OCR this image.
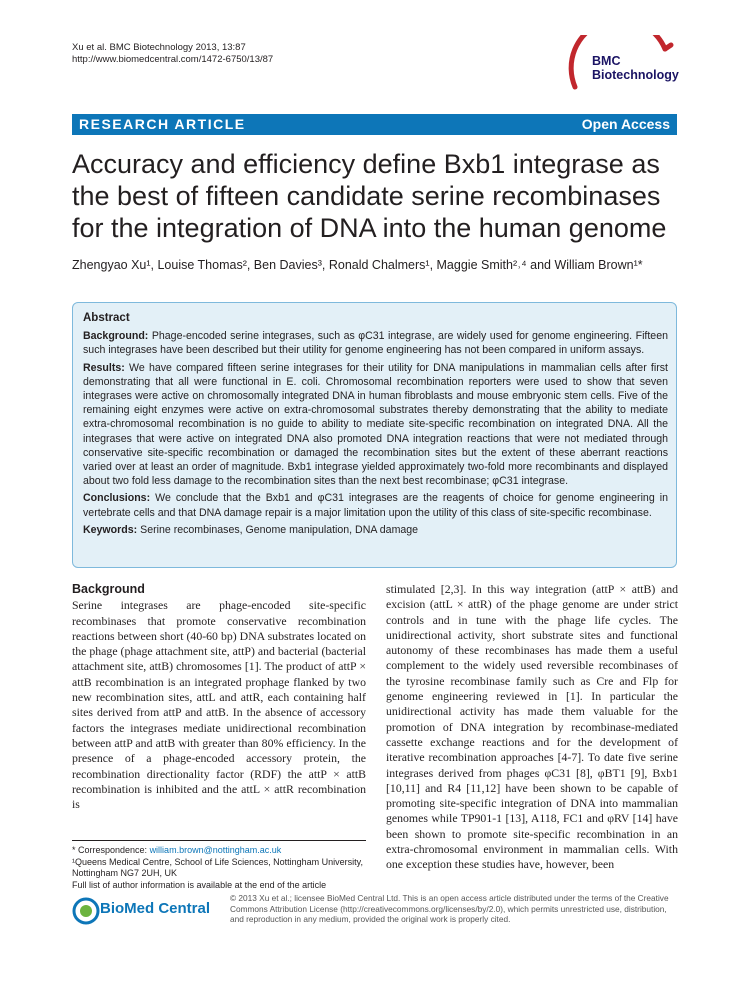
Xu et al. BMC Biotechnology 2013, 13:87
http://www.biomedcentral.com/1472-6750/13/87	BMC
Biotechnology
RESEARCH ARTICLE	Open Access
Accuracy and efficiency define Bxb1 integrase as the best of fifteen candidate serine recombinases for the integration of DNA into the human genome
Zhengyao Xu¹, Louise Thomas², Ben Davies³, Ronald Chalmers¹, Maggie Smith²˒⁴ and William Brown¹*
Abstract

Background: Phage-encoded serine integrases, such as φC31 integrase, are widely used for genome engineering. Fifteen such integrases have been described but their utility for genome engineering has not been compared in uniform assays.

Results: We have compared fifteen serine integrases for their utility for DNA manipulations in mammalian cells after first demonstrating that all were functional in E. coli. Chromosomal recombination reporters were used to show that seven integrases were active on chromosomally integrated DNA in human fibroblasts and mouse embryonic stem cells. Five of the remaining eight enzymes were active on extra-chromosomal substrates thereby demonstrating that the ability to mediate extra-chromosomal recombination is no guide to ability to mediate site-specific recombination on integrated DNA. All the integrases that were active on integrated DNA also promoted DNA integration reactions that were not mediated through conservative site-specific recombination or damaged the recombination sites but the extent of these aberrant reactions varied over at least an order of magnitude. Bxb1 integrase yielded approximately two-fold more recombinants and displayed about two fold less damage to the recombination sites than the next best recombinase; φC31 integrase.

Conclusions: We conclude that the Bxb1 and φC31 integrases are the reagents of choice for genome engineering in vertebrate cells and that DNA damage repair is a major limitation upon the utility of this class of site-specific recombinase.

Keywords: Serine recombinases, Genome manipulation, DNA damage

Background

Serine integrases are phage-encoded site-specific recombinases that promote conservative recombination reactions between short (40-60 bp) DNA substrates located on the phage (phage attachment site, attP) and bacterial (bacterial attachment site, attB) chromosomes [1]. The product of attP × attB recombination is an integrated prophage flanked by two new recombination sites, attL and attR, each containing half sites derived from attP and attB. In the absence of accessory factors the integrases mediate unidirectional recombination between attP and attB with greater than 80% efficiency. In the presence of a phage-encoded accessory protein, the recombination directionality factor (RDF) the attP × attB recombination is inhibited and the attL × attR recombination is

stimulated [2,3]. In this way integration (attP × attB) and excision (attL × attR) of the phage genome are under strict controls and in tune with the phage life cycles. The unidirectional activity, short substrate sites and functional autonomy of these recombinases has made them a useful complement to the widely used reversible recombinases of the tyrosine recombinase family such as Cre and Flp for genome engineering reviewed in [1]. In particular the unidirectional activity has made them valuable for the promotion of DNA integration by recombinase-mediated cassette exchange reactions and for the development of iterative recombination approaches [4-7]. To date five serine integrases derived from phages φC31 [8], φBT1 [9], Bxb1 [10,11] and R4 [11,12] have been shown to be capable of promoting site-specific integration of DNA into mammalian genomes while TP901-1 [13], A118, FC1 and φRV [14] have been shown to promote site-specific recombination in an extra-chromosomal environment in mammalian cells. With one exception these studies have, however, been

* Correspondence: william.brown@nottingham.ac.uk

¹Queens Medical Centre, School of Life Sciences, Nottingham University, Nottingham NG7 2UH, UK

Full list of author information is available at the end of the article

BioMed Central
© 2013 Xu et al.; licensee BioMed Central Ltd. This is an open access article distributed under the terms of the Creative Commons Attribution License (http://creativecommons.org/licenses/by/2.0), which permits unrestricted use, distribution, and reproduction in any medium, provided the original work is properly cited.
